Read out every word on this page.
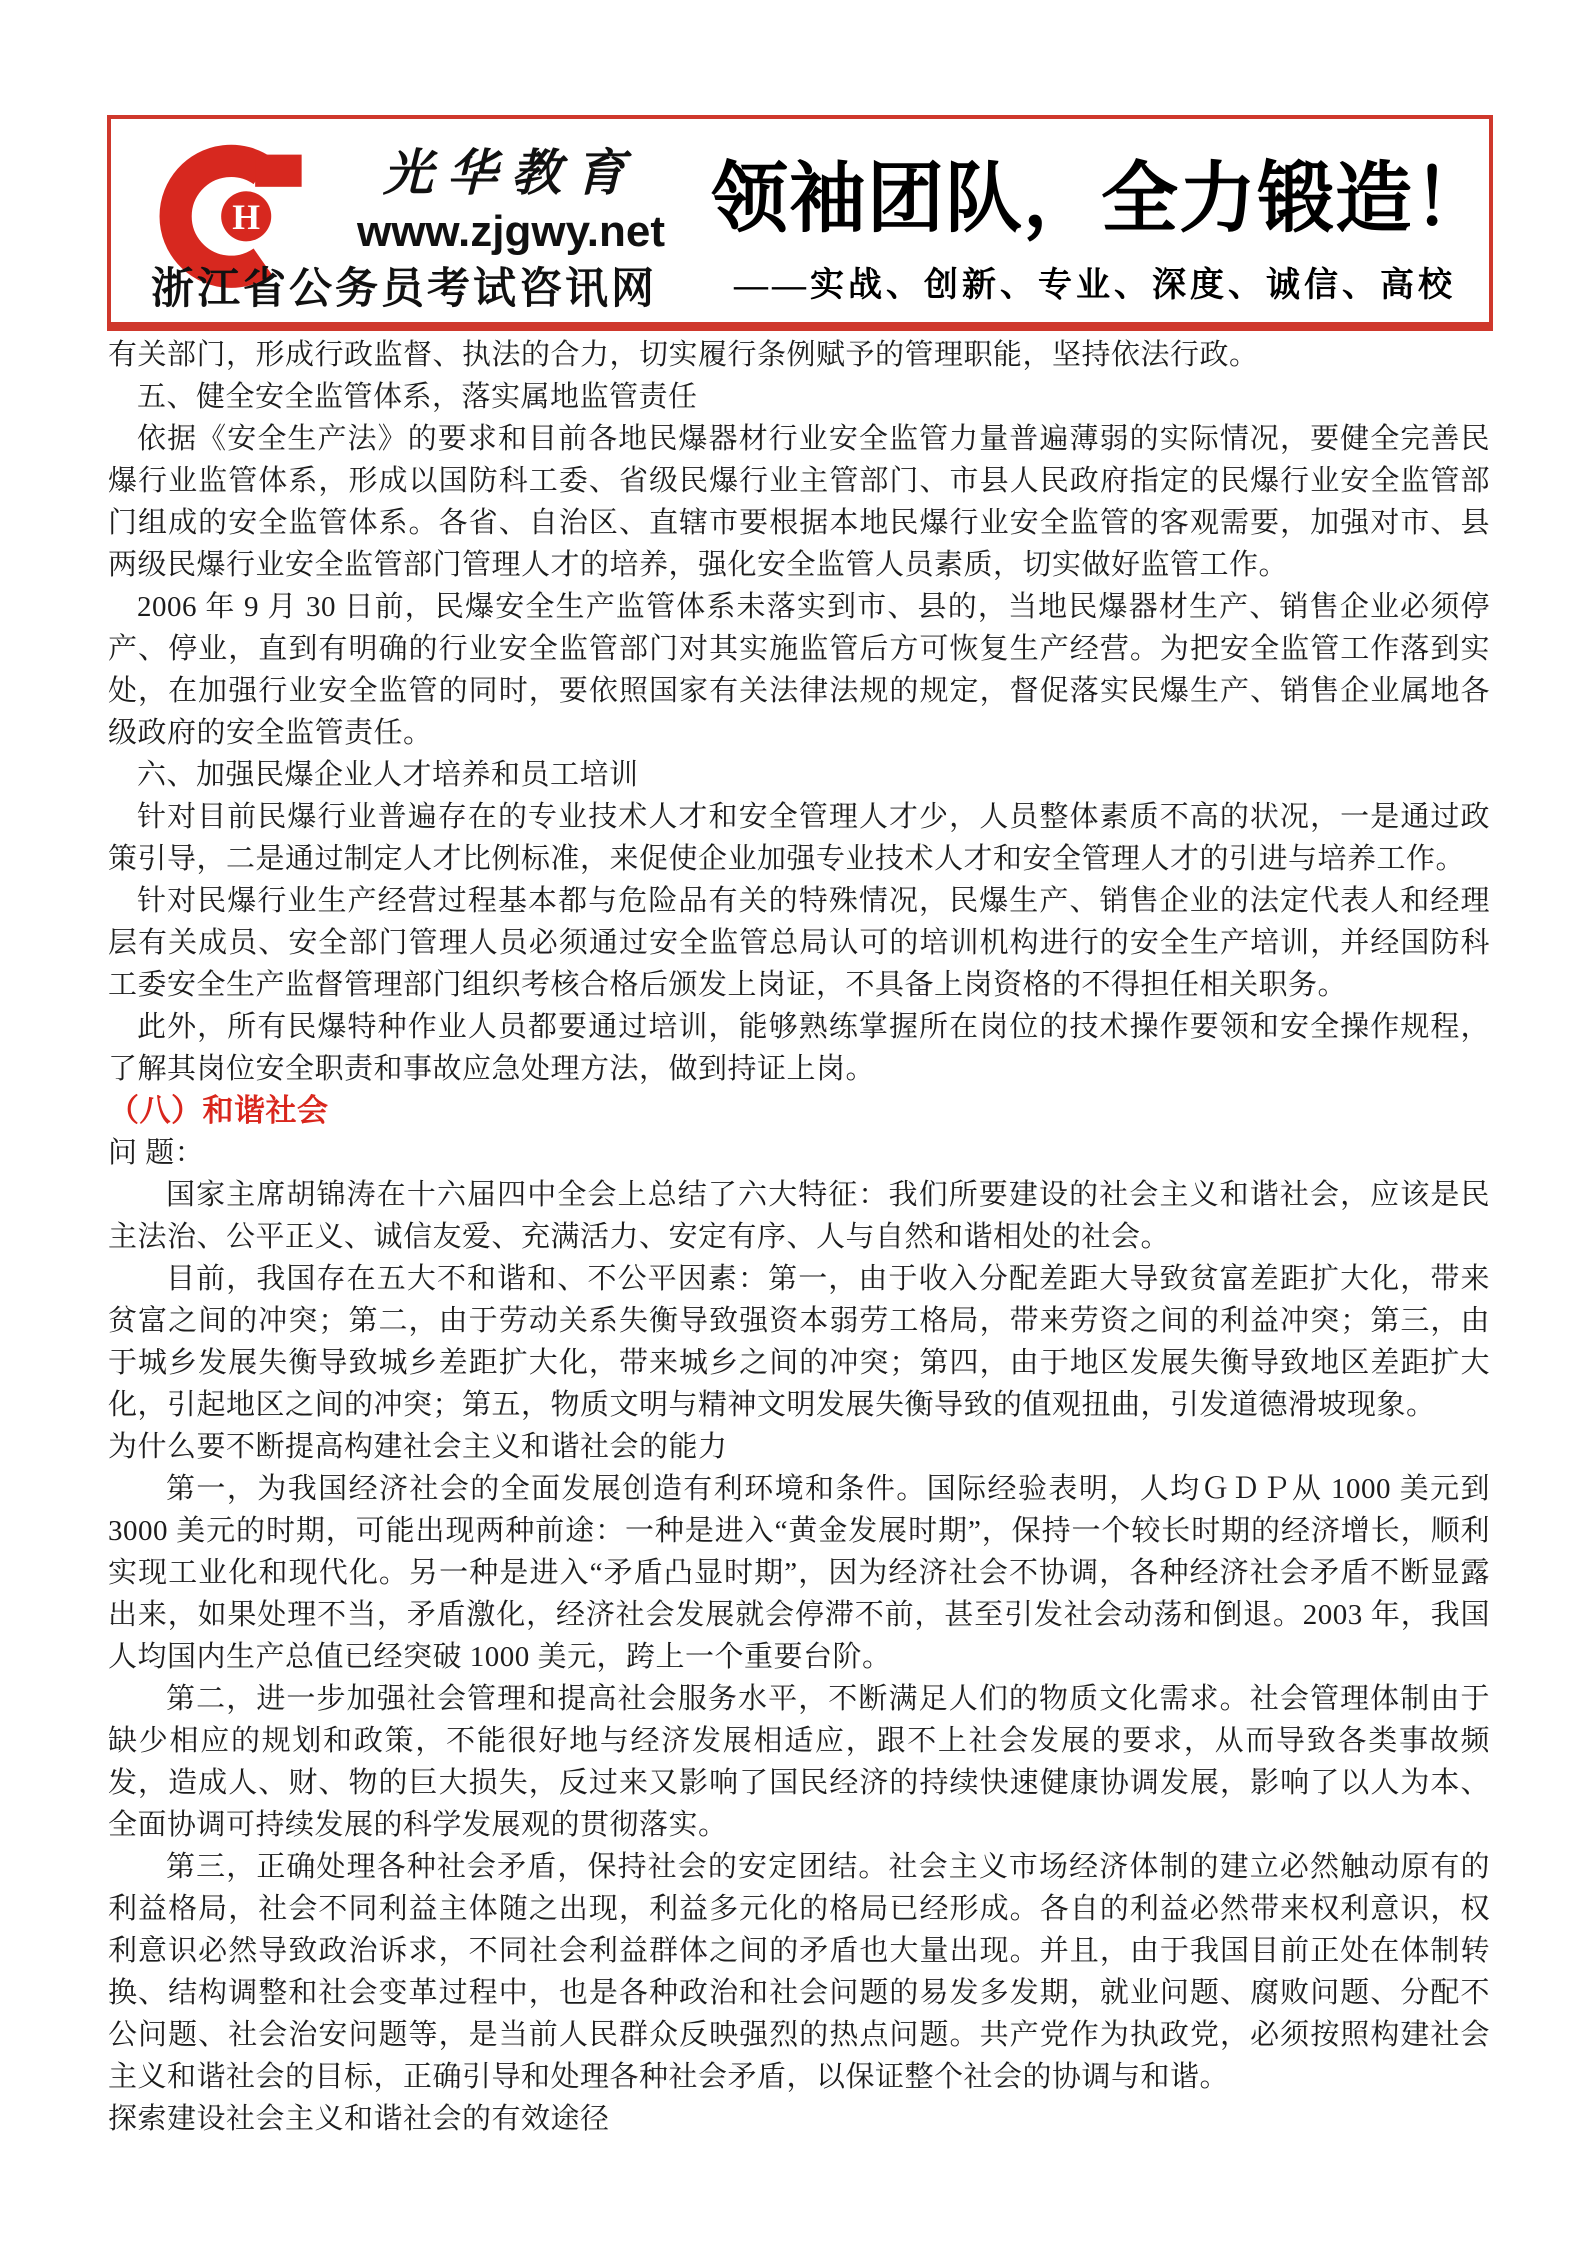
H
光华教育
www.zjgwy.net
浙江省公务员考试咨讯网
领袖团队，全力锻造！
——实战、创新、专业、深度、诚信、高校

有关部门，形成行政监督、执法的合力，切实履行条例赋予的管理职能，坚持依法行政。

五、健全安全监管体系，落实属地监管责任

依据《安全生产法》的要求和目前各地民爆器材行业安全监管力量普遍薄弱的实际情况，要健全完善民爆行业监管体系，形成以国防科工委、省级民爆行业主管部门、市县人民政府指定的民爆行业安全监管部门组成的安全监管体系。各省、自治区、直辖市要根据本地民爆行业安全监管的客观需要，加强对市、县两级民爆行业安全监管部门管理人才的培养，强化安全监管人员素质，切实做好监管工作。

2006 年 9 月 30 日前，民爆安全生产监管体系未落实到市、县的，当地民爆器材生产、销售企业必须停产、停业，直到有明确的行业安全监管部门对其实施监管后方可恢复生产经营。为把安全监管工作落到实处，在加强行业安全监管的同时，要依照国家有关法律法规的规定，督促落实民爆生产、销售企业属地各级政府的安全监管责任。

六、加强民爆企业人才培养和员工培训

针对目前民爆行业普遍存在的专业技术人才和安全管理人才少，人员整体素质不高的状况，一是通过政策引导，二是通过制定人才比例标准，来促使企业加强专业技术人才和安全管理人才的引进与培养工作。

针对民爆行业生产经营过程基本都与危险品有关的特殊情况，民爆生产、销售企业的法定代表人和经理层有关成员、安全部门管理人员必须通过安全监管总局认可的培训机构进行的安全生产培训，并经国防科工委安全生产监督管理部门组织考核合格后颁发上岗证，不具备上岗资格的不得担任相关职务。

此外，所有民爆特种作业人员都要通过培训，能够熟练掌握所在岗位的技术操作要领和安全操作规程，了解其岗位安全职责和事故应急处理方法，做到持证上岗。

（八）和谐社会

问 题：

国家主席胡锦涛在十六届四中全会上总结了六大特征：我们所要建设的社会主义和谐社会，应该是民主法治、公平正义、诚信友爱、充满活力、安定有序、人与自然和谐相处的社会。

目前，我国存在五大不和谐和、不公平因素：第一，由于收入分配差距大导致贫富差距扩大化，带来贫富之间的冲突；第二，由于劳动关系失衡导致强资本弱劳工格局，带来劳资之间的利益冲突；第三，由于城乡发展失衡导致城乡差距扩大化，带来城乡之间的冲突；第四，由于地区发展失衡导致地区差距扩大化，引起地区之间的冲突；第五，物质文明与精神文明发展失衡导致的值观扭曲，引发道德滑坡现象。

为什么要不断提高构建社会主义和谐社会的能力

第一，为我国经济社会的全面发展创造有利环境和条件。国际经验表明，人均ＧＤＰ从 1000 美元到 3000 美元的时期，可能出现两种前途：一种是进入“黄金发展时期”，保持一个较长时期的经济增长，顺利实现工业化和现代化。另一种是进入“矛盾凸显时期”，因为经济社会不协调，各种经济社会矛盾不断显露出来，如果处理不当，矛盾激化，经济社会发展就会停滞不前，甚至引发社会动荡和倒退。2003 年，我国人均国内生产总值已经突破 1000 美元，跨上一个重要台阶。

第二，进一步加强社会管理和提高社会服务水平，不断满足人们的物质文化需求。社会管理体制由于缺少相应的规划和政策，不能很好地与经济发展相适应，跟不上社会发展的要求，从而导致各类事故频发，造成人、财、物的巨大损失，反过来又影响了国民经济的持续快速健康协调发展，影响了以人为本、全面协调可持续发展的科学发展观的贯彻落实。

第三，正确处理各种社会矛盾，保持社会的安定团结。社会主义市场经济体制的建立必然触动原有的利益格局，社会不同利益主体随之出现，利益多元化的格局已经形成。各自的利益必然带来权利意识，权利意识必然导致政治诉求，不同社会利益群体之间的矛盾也大量出现。并且，由于我国目前正处在体制转换、结构调整和社会变革过程中，也是各种政治和社会问题的易发多发期，就业问题、腐败问题、分配不公问题、社会治安问题等，是当前人民群众反映强烈的热点问题。共产党作为执政党，必须按照构建社会主义和谐社会的目标，正确引导和处理各种社会矛盾，以保证整个社会的协调与和谐。

探索建设社会主义和谐社会的有效途径
